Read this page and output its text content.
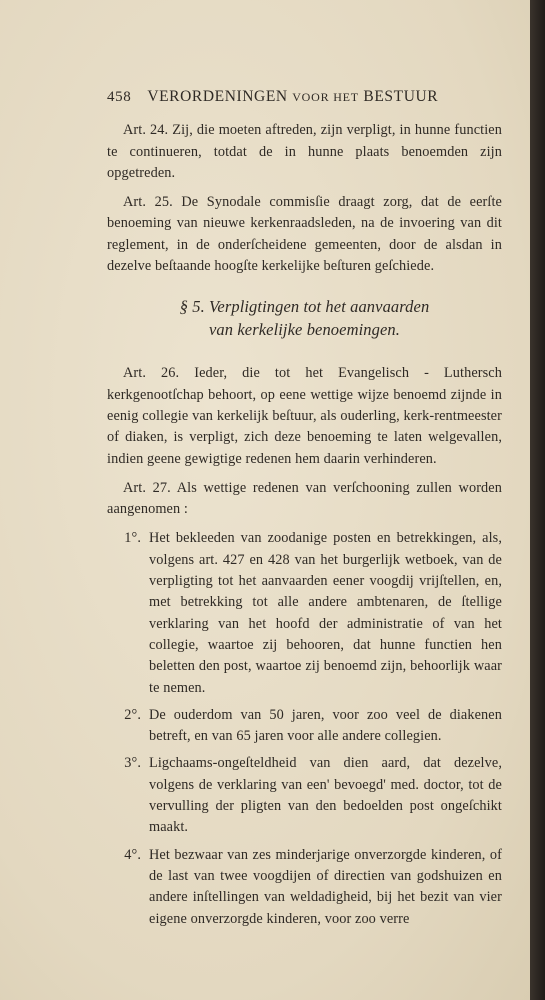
458 VERORDENINGEN VOOR HET BESTUUR

Art. 24. Zij, die moeten aftreden, zijn verpligt, in hunne functien te continueren, totdat de in hunne plaats benoemden zijn opgetreden.

Art. 25. De Synodale commisſie draagt zorg, dat de eerſte benoeming van nieuwe kerkenraadsleden, na de invoering van dit reglement, in de onderſcheidene gemeenten, door de alsdan in dezelve beſtaande hoogſte kerkelijke beſturen geſchiede.

§ 5. Verpligtingen tot het aanvaarden
van kerkelijke benoemingen.

Art. 26. Ieder, die tot het Evangelisch - Luthersch kerkgenootſchap behoort, op eene wettige wijze benoemd zijnde in eenig collegie van kerkelijk beſtuur, als ouderling, kerk-rentmeester of diaken, is verpligt, zich deze benoeming te laten welgevallen, indien geene gewigtige redenen hem daarin verhinderen.

Art. 27. Als wettige redenen van verſchooning zullen worden aangenomen :

1°. Het bekleeden van zoodanige posten en betrekkingen, als, volgens art. 427 en 428 van het burgerlijk wetboek, van de verpligting tot het aanvaarden eener voogdij vrijſtellen, en, met betrekking tot alle andere ambtenaren, de ſtellige verklaring van het hoofd der administratie of van het collegie, waartoe zij behooren, dat hunne functien hen beletten den post, waartoe zij benoemd zijn, behoorlijk waar te nemen.
2°. De ouderdom van 50 jaren, voor zoo veel de diakenen betreft, en van 65 jaren voor alle andere collegien.
3°. Ligchaams-ongeſteldheid van dien aard, dat dezelve, volgens de verklaring van een' bevoegd' med. doctor, tot de vervulling der pligten van den bedoelden post ongeſchikt maakt.
4°. Het bezwaar van zes minderjarige onverzorgde kinderen, of de last van twee voogdijen of directien van godshuizen en andere inſtellingen van weldadigheid, bij het bezit van vier eigene onverzorgde kinderen, voor zoo verre
